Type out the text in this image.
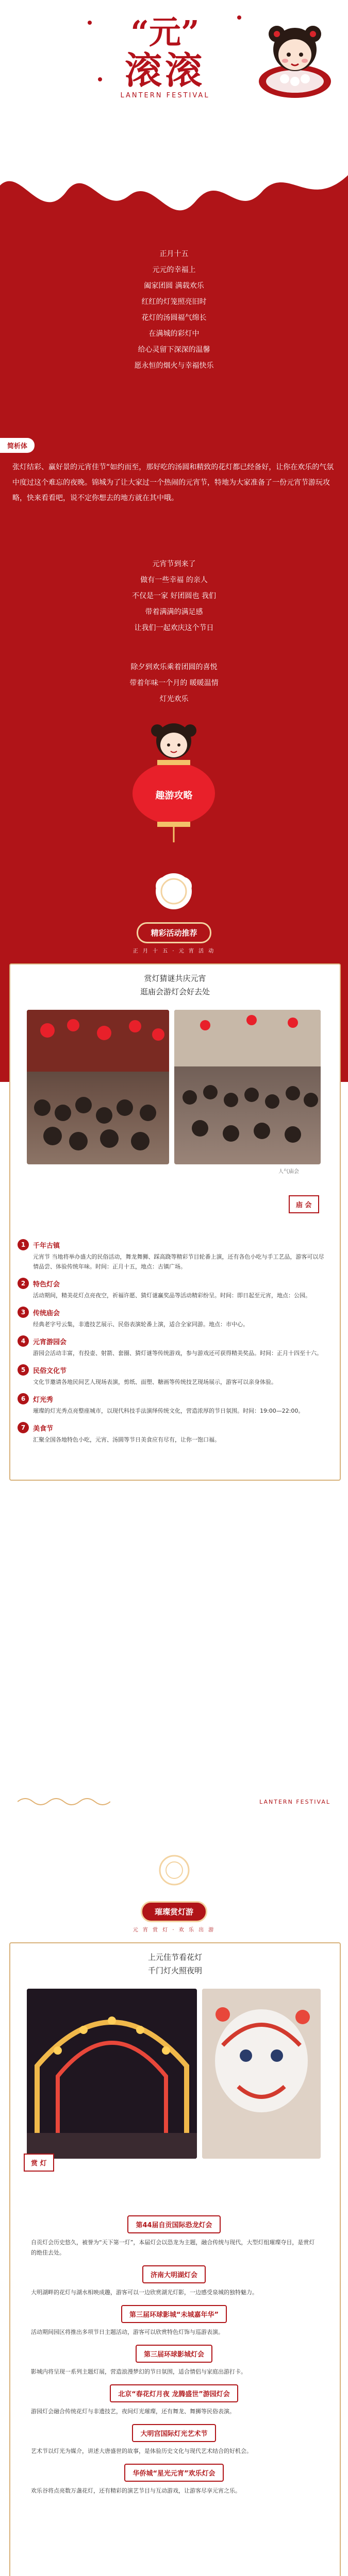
“元”
滚滚
LANTERN FESTIVAL
正月十五
元元的幸福上
阖家团圆 满载欢乐
红红的灯笼照亮旧时
花灯的汤圆福气绵长
在满城的彩灯中
给心灵留下深深的温馨
愿永恒的烟火与幸福快乐
简析体
张灯结彩、赢好景的元宵佳节“如约而至，那好吃的汤圆和精致的花灯都已经备好，让你在欢乐的气氛中度过这个难忘的夜晚。锦城为了让大家过一个热闹的元宵节，特地为大家准备了一份元宵节游玩攻略，快来看看吧，说不定你想去的地方就在其中哦。
元宵节到来了
做有一些幸福 的亲人
不仅是一家 好团圆也 我们
带着满满的满足感
让我们一起欢庆这个节日
除夕到欢乐乘着团圆的喜悦
带着年味一个月的 暖暖温情
灯光欢乐
趣游攻略
精彩活动推荐
正 月 十 五 · 元 宵 活 动
赏灯猜谜共庆元宵
逛庙会游灯会好去处
庙 会
人气庙会
1	千年古镇
元宵节 当地将举办盛大的民俗活动，舞龙舞狮、踩高跷等精彩节目轮番上演，还有各色小吃与手工艺品，游客可以尽情品尝、体验传统年味。时间：正月十五，地点：古镇广场。
2	特色灯会
活动期间，精美花灯点亮夜空，祈福许愿、猜灯谜赢奖品等活动精彩纷呈。时间：即日起至元宵，地点：公园。
3	传统庙会
经典老字号云集，非遗技艺展示、民俗表演轮番上演，适合全家同游。地点：市中心。
4	元宵游园会
游园会活动丰富，有投壶、射箭、套圈、猜灯谜等传统游戏，参与游戏还可获得精美奖品。时间：正月十四至十六。
5	民俗文化节
文化节邀请各地民间艺人现场表演，剪纸、面塑、糖画等传统技艺现场展示，游客可以亲身体验。
6	灯光秀
璀璨的灯光秀点亮整座城市，以现代科技手法演绎传统文化，营造浓厚的节日氛围。时间：19:00—22:00。
7	美食节
汇聚全国各地特色小吃，元宵、汤圆等节日美食应有尽有，让你一饱口福。
LANTERN FESTIVAL
璀璨赏灯游
元 宵 赏 灯 · 欢 乐 出 游
上元佳节看花灯
千门灯火照夜明
赏 灯
第44届自贡国际恐龙灯会
自贡灯会历史悠久，被誉为“天下第一灯”，本届灯会以恐龙为主题，融合传统与现代，大型灯组璀璨夺目，是赏灯的绝佳去处。
济南大明湖灯会
大明湖畔的花灯与湖水相映成趣，游客可以一边欣赏湖光灯影，一边感受泉城的独特魅力。
第三届环球影城“未城嘉年华”
活动期间园区将推出多项节日主题活动，游客可以欣赏特色灯饰与巡游表演。
第三届环球影城灯会
影城内将呈现一系列主题灯展，营造浪漫梦幻的节日氛围，适合情侣与家庭出游打卡。
北京“春花灯月夜 龙腾盛世”游园灯会
游园灯会融合传统花灯与非遗技艺，夜间灯光璀璨，还有舞龙、舞狮等民俗表演。
大明宫国际灯光艺术节
艺术节以灯光为媒介，讲述大唐盛世的故事，是体验历史文化与现代艺术结合的好机会。
华侨城“星光元宵”欢乐灯会
欢乐谷将点亮数万盏花灯，还有精彩的演艺节目与互动游戏，让游客尽享元宵之乐。
